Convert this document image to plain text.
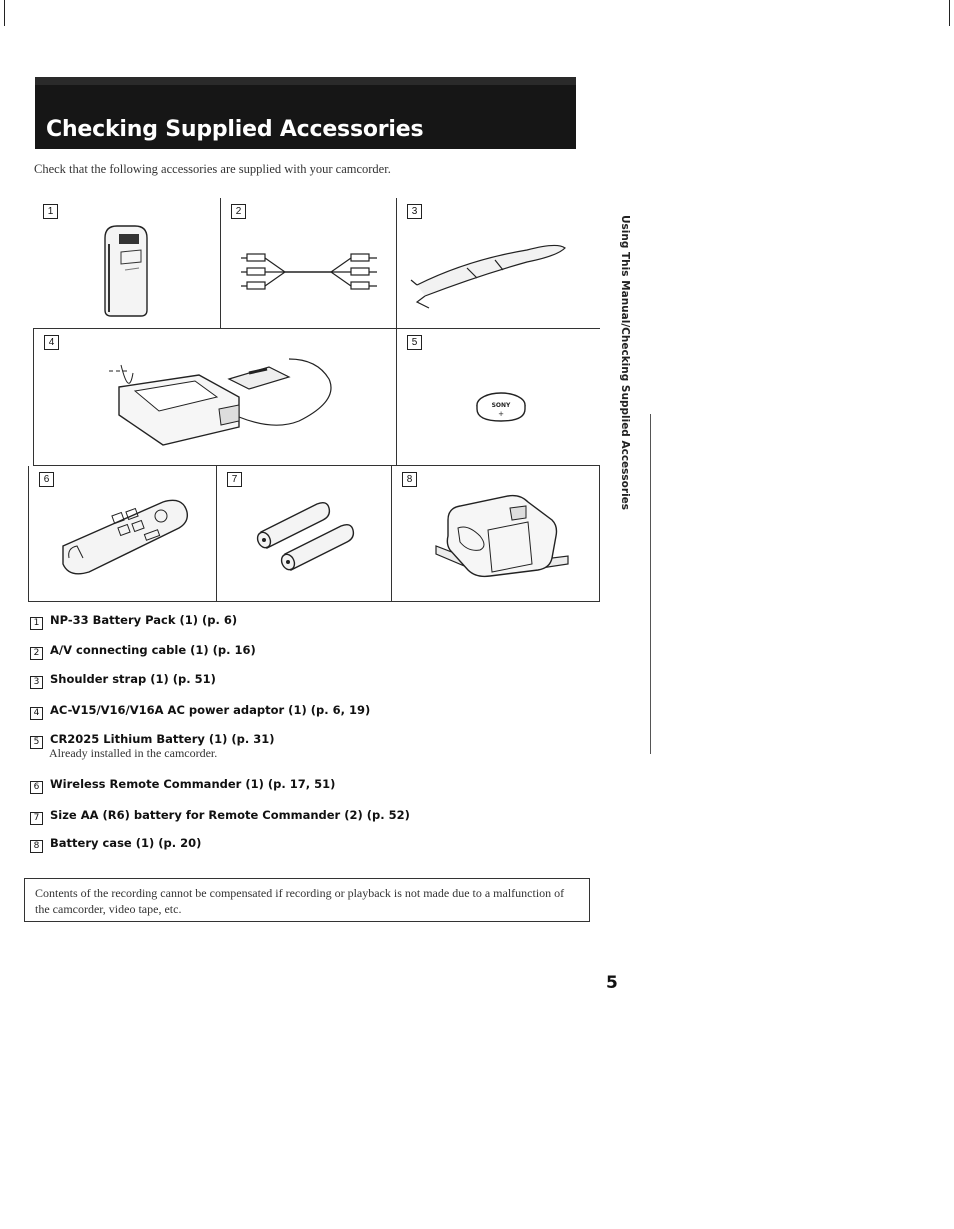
Checking Supplied Accessories
Check that the following accessories are supplied with your camcorder.
1	2	3
4	5
SONY
+
6	7	8
1 NP-33 Battery Pack (1) (p. 6)
2 A/V connecting cable (1) (p. 16)
3 Shoulder strap (1) (p. 51)
4 AC-V15/V16/V16A AC power adaptor (1) (p. 6, 19)
5 CR2025 Lithium Battery (1) (p. 31)
Already installed in the camcorder.
6 Wireless Remote Commander (1) (p. 17, 51)
7 Size AA (R6) battery for Remote Commander (2) (p. 52)
8 Battery case (1) (p. 20)

Contents of the recording cannot be compensated if recording or playback is not made due to a malfunction of the camcorder, video tape, etc.

Using This Manual/Checking Supplied Accessories
5
